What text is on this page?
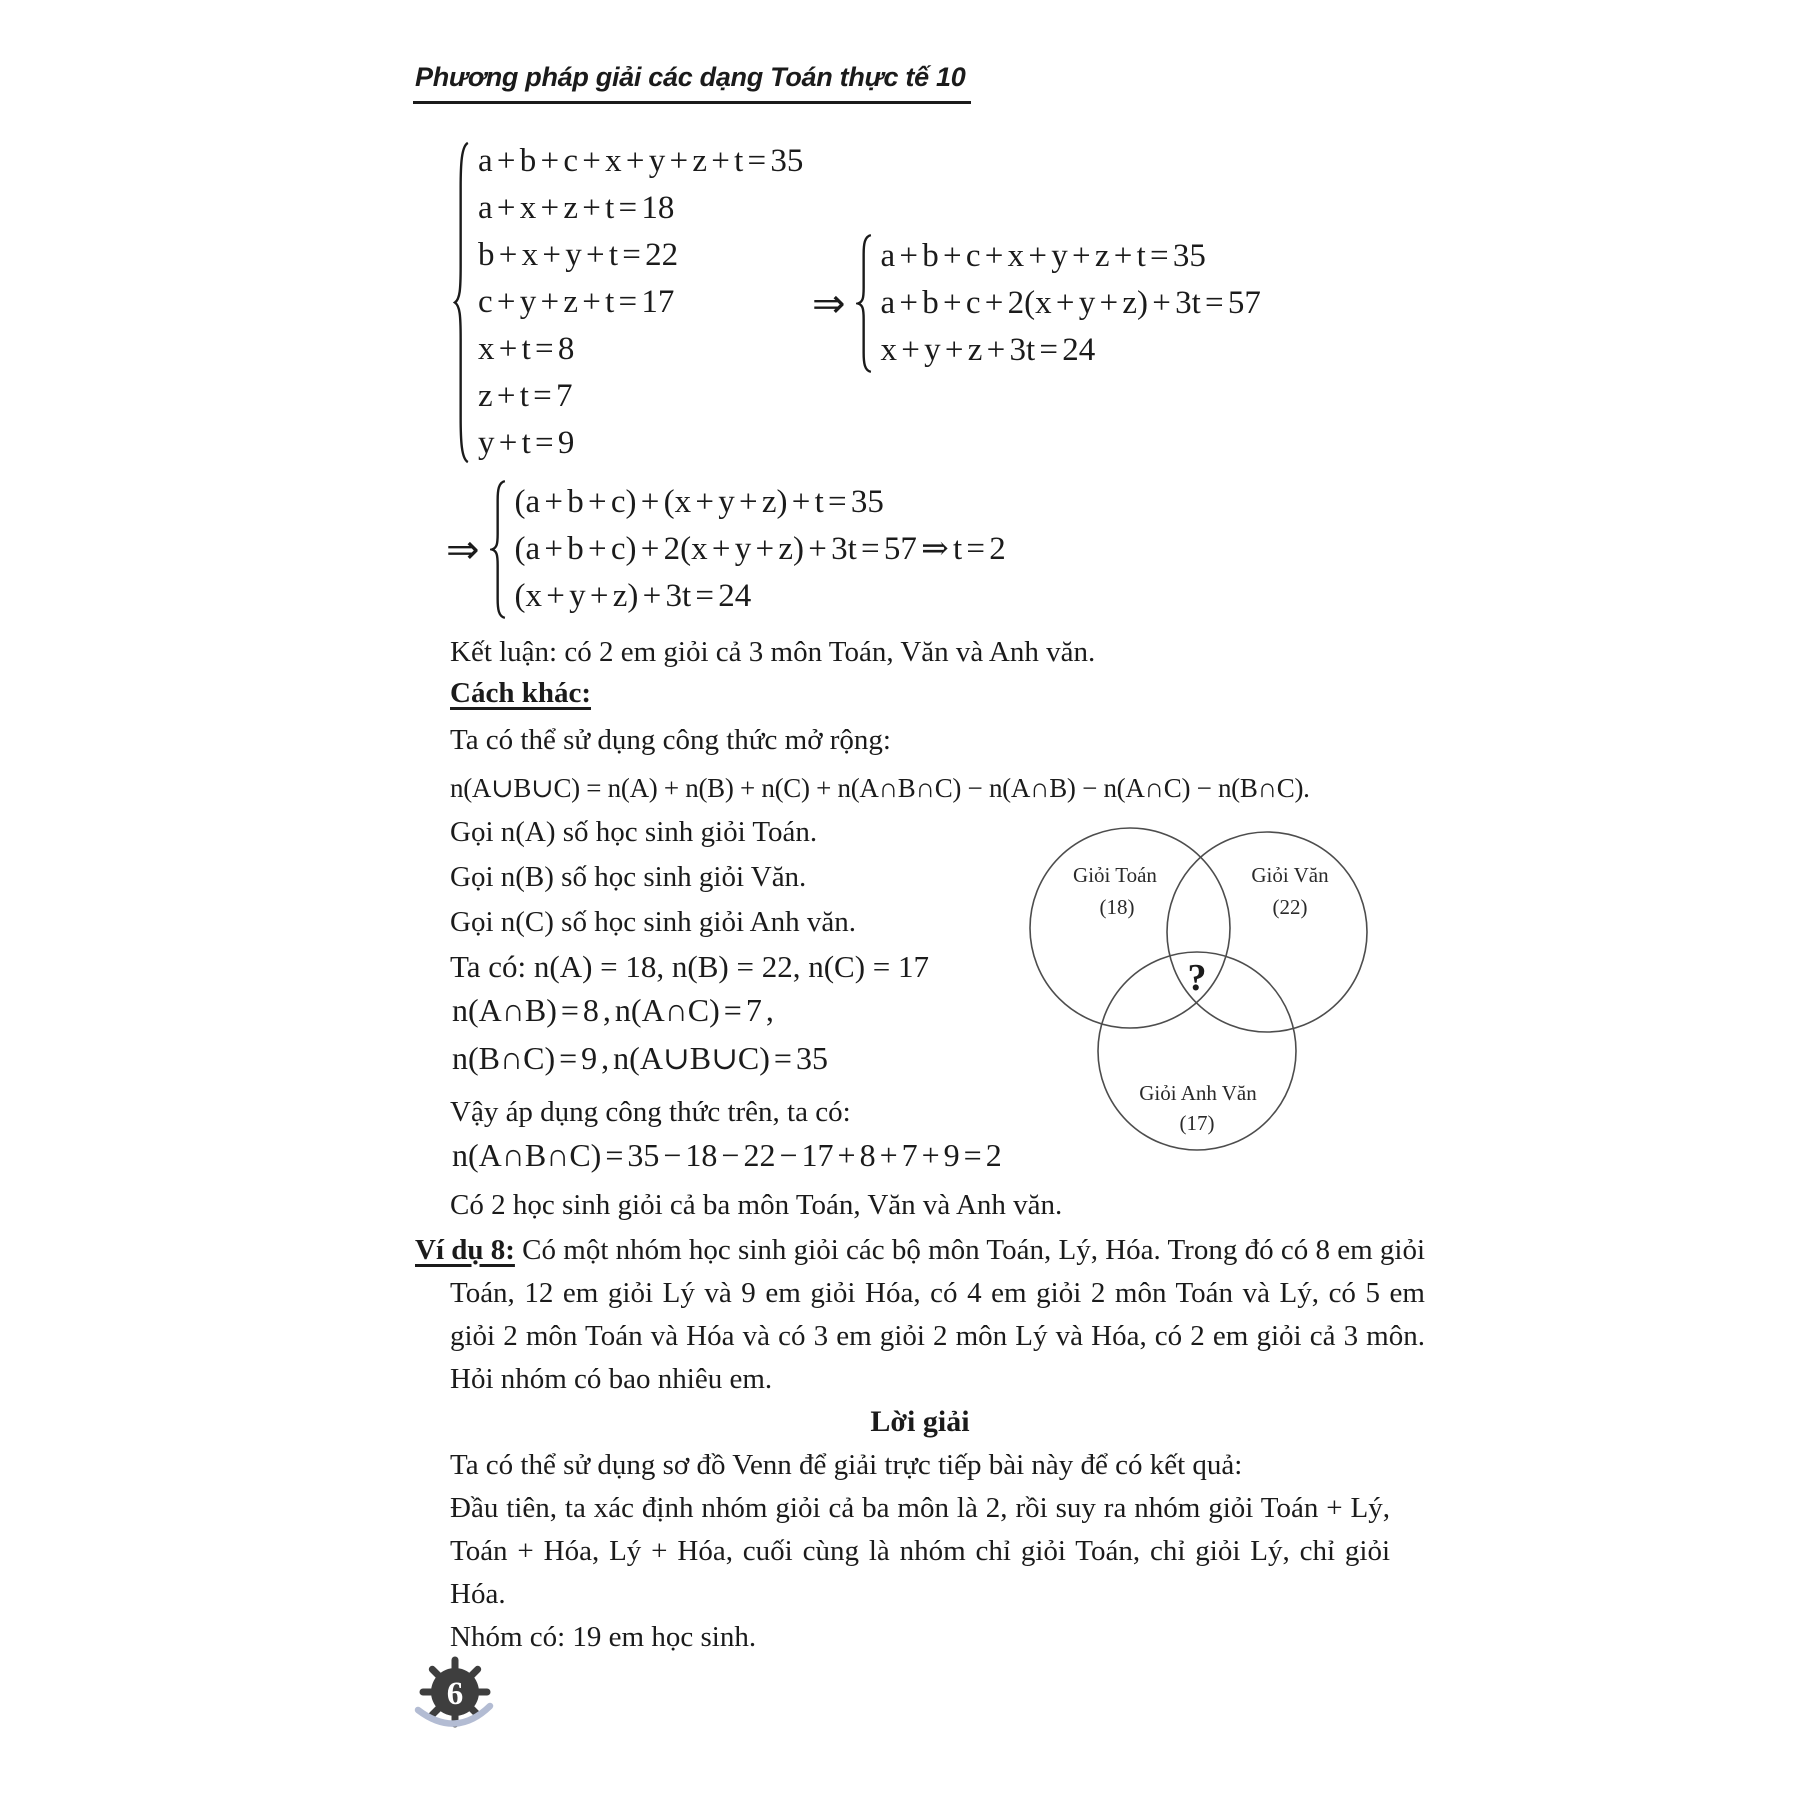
Phương pháp giải các dạng Toán thực tế 10
a + b + c + x + y + z + t = 35
a + x + z + t = 18
b + x + y + t = 22
c + y + z + t = 17
x + t = 8
z + t = 7
y + t = 9
⇒
a + b + c + x + y + z + t = 35
a + b + c + 2(x + y + z) + 3t = 57
x + y + z + 3t = 24
⇒
(a + b + c) + (x + y + z) + t = 35
(a + b + c) + 2(x + y + z) + 3t = 57 ⇒ t = 2
(x + y + z) + 3t = 24
Kết luận: có 2 em giỏi cả 3 môn Toán, Văn và Anh văn.
Cách khác:
Ta có thể sử dụng công thức mở rộng:
n(A∪B∪C) = n(A) + n(B) + n(C) + n(A∩B∩C) − n(A∩B) − n(A∩C) − n(B∩C).
Gọi n(A) số học sinh giỏi Toán.
Gọi n(B) số học sinh giỏi Văn.
Gọi n(C) số học sinh giỏi Anh văn.
Ta có: n(A) = 18, n(B) = 22, n(C) = 17
n(A∩B) = 8 , n(A∩C) = 7 ,
n(B∩C) = 9 , n(A∪B∪C) = 35
Vậy áp dụng công thức trên, ta có:
n(A∩B∩C) = 35 − 18 − 22 − 17 + 8 + 7 + 9 = 2
Có 2 học sinh giỏi cả ba môn Toán, Văn và Anh văn.
Giỏi Toán
(18)
Giỏi Văn
(22)
?
Giỏi Anh Văn
(17)
Ví dụ 8: Có một nhóm học sinh giỏi các bộ môn Toán, Lý, Hóa. Trong đó có 8 em giỏi Toán, 12 em giỏi Lý và 9 em giỏi Hóa, có 4 em giỏi 2 môn Toán và Lý, có 5 em giỏi 2 môn Toán và Hóa và có 3 em giỏi 2 môn Lý và Hóa, có 2 em giỏi cả 3 môn. Hỏi nhóm có bao nhiêu em.
Lời giải
Ta có thể sử dụng sơ đồ Venn để giải trực tiếp bài này để có kết quả:
Đầu tiên, ta xác định nhóm giỏi cả ba môn là 2, rồi suy ra nhóm giỏi Toán + Lý, Toán + Hóa, Lý + Hóa, cuối cùng là nhóm chỉ giỏi Toán, chỉ giỏi Lý, chỉ giỏi Hóa.
Nhóm có: 19 em học sinh.
6
